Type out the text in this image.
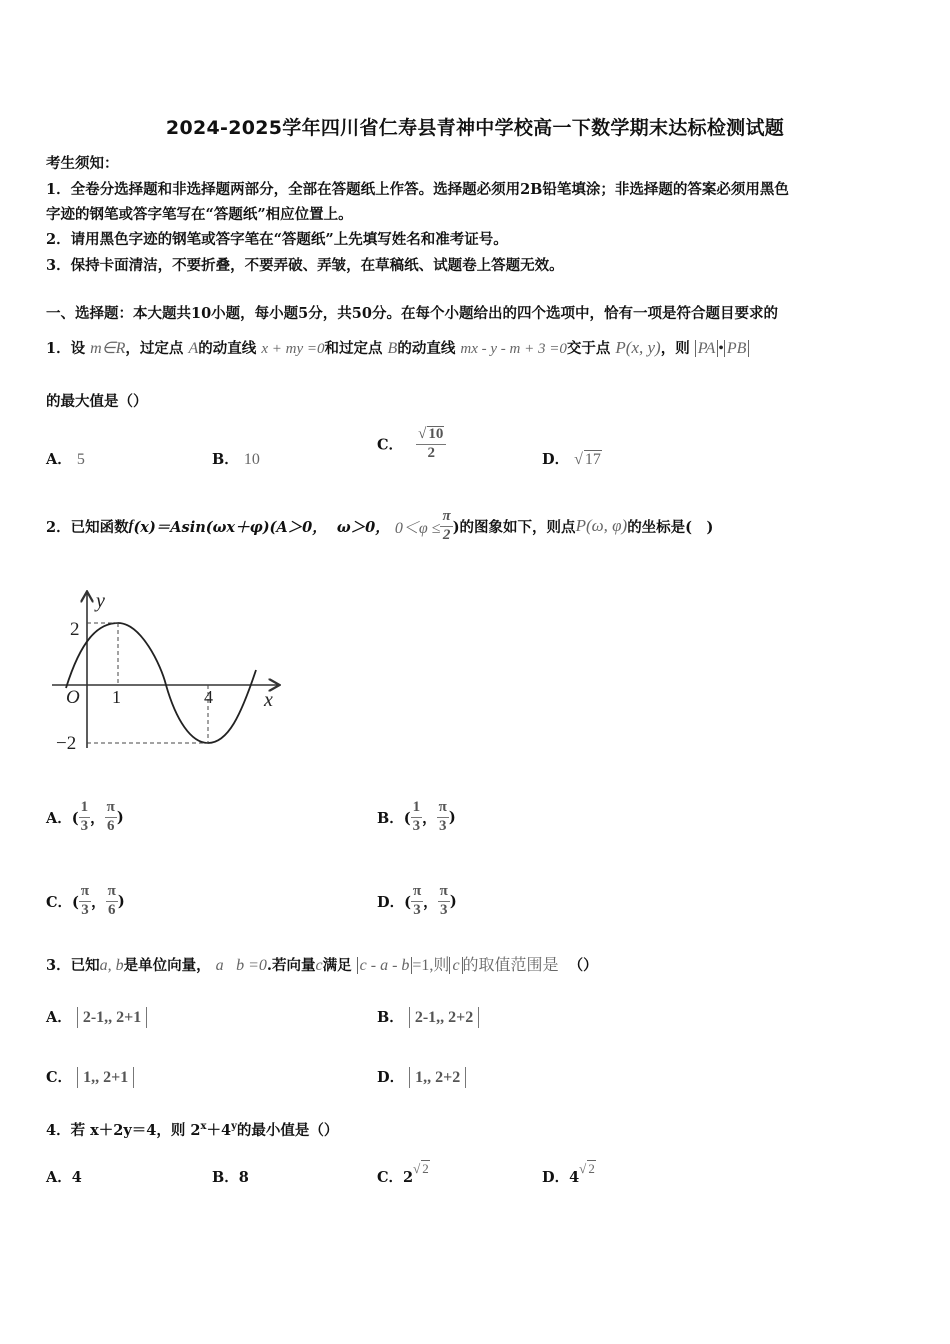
2024-2025学年四川省仁寿县青神中学校高一下数学期末达标检测试题
考生须知：
1．全卷分选择题和非选择题两部分，全部在答题纸上作答。选择题必须用2B铅笔填涂；非选择题的答案必须用黑色
字迹的钢笔或答字笔写在“答题纸”相应位置上。
2．请用黑色字迹的钢笔或答字笔在“答题纸”上先填写姓名和准考证号。
3．保持卡面清洁，不要折叠，不要弄破、弄皱，在草稿纸、试题卷上答题无效。
一、选择题：本大题共10小题，每小题5分，共50分。在每个小题给出的四个选项中，恰有一项是符合题目要求的
1．设 m∈R，过定点 A的动直线 x + my =0和过定点 B的动直线 mx - y - m + 3 =0交于点 P(x, y)，则 PA • PB
的最大值是（）
A． 5	B． 10
C． $\frac{√ 10}{2}$	D． √ 17
2．已知函数 f (x)＝Asin(ωx＋φ)(A＞0，
ω＞0，
$0<\varphi \le \frac{\pi}{2}$ )的图象如下，则点 P(ω, φ) 的坐标是(　)
y
x
O
2
−2
1	4
A．( $\frac{1}{3}$ ， $\frac{\pi}{6}$ )	B．( $\frac{1}{3}$ ， $\frac{\pi}{3}$ )
C．( $\frac{\pi}{3}$ ， $\frac{\pi}{6}$ )	D．( $\frac{\pi}{3}$ ， $\frac{\pi}{3}$ )
3．已知a, b是单位向量， a⃞b =0.若向量c满足 c - a - b =1,则 c 的取值范围是 （）
A． 2-1,, 2+1	B． 2-1,, 2+2
C． 1,, 2+1	D． 1,, 2+2
4．若 x＋2y＝4，则 $2^x+4^y$的最小值是（）
A．4	B．8	C．2√ 2
D．4√ 2
